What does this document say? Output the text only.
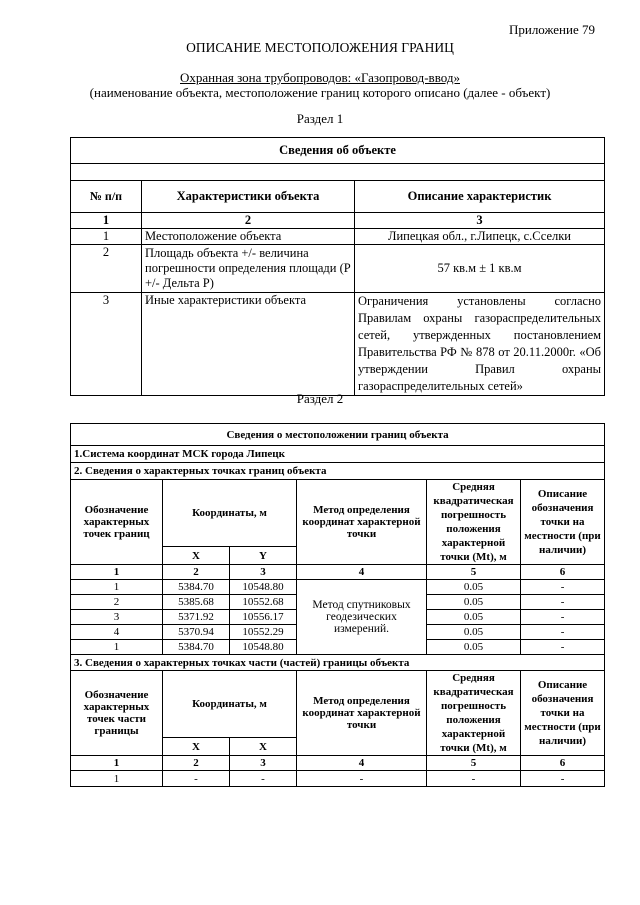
Приложение 79
ОПИСАНИЕ МЕСТОПОЛОЖЕНИЯ ГРАНИЦ
Охранная зона трубопроводов: «Газопровод-ввод»
(наименование объекта, местоположение границ которого описано (далее - объект)
Раздел 1
Сведения об объекте		

№ п/п	Характеристики объекта	Описание характеристик
1	2	3
1	Местоположение объекта	Липецкая обл., г.Липецк, с.Сселки
2	Площадь объекта +/- величина погрешности определения площади (P +/- Дельта P)	57 кв.м ± 1 кв.м
3	Иные характеристики объекта	Ограничения установлены согласно Правилам охраны газораспределительных сетей, утвержденных постановлением Правительства РФ № 878 от 20.11.2000г. «Об утверждении Правил охраны газораспределительных сетей»
Раздел 2
Сведения о местоположении границ объекта					
1.Система координат МСК города Липецк					
2. Сведения о характерных точках границ объекта					
Обозначение характерных точек границ	Координаты, м		Метод определения координат характерной точки	Средняя квадратическая погрешность положения характерной точки (Mt), м	Описание обозначения точки на местности (при наличии)
	X	Y			
1	2	3	4	5	6
1	5384.70	10548.80	Метод спутниковых геодезических измерений.	0.05	-
2	5385.68	10552.68		0.05	-
3	5371.92	10556.17		0.05	-
4	5370.94	10552.29		0.05	-
1	5384.70	10548.80		0.05	-
3. Сведения о характерных точках части (частей) границы объекта					
Обозначение характерных точек части границы	Координаты, м		Метод определения координат характерной точки	Средняя квадратическая погрешность положения характерной точки (Mt), м	Описание обозначения точки на местности (при наличии)
	X	X			
1	2	3	4	5	6
1	-	-	-	-	-
